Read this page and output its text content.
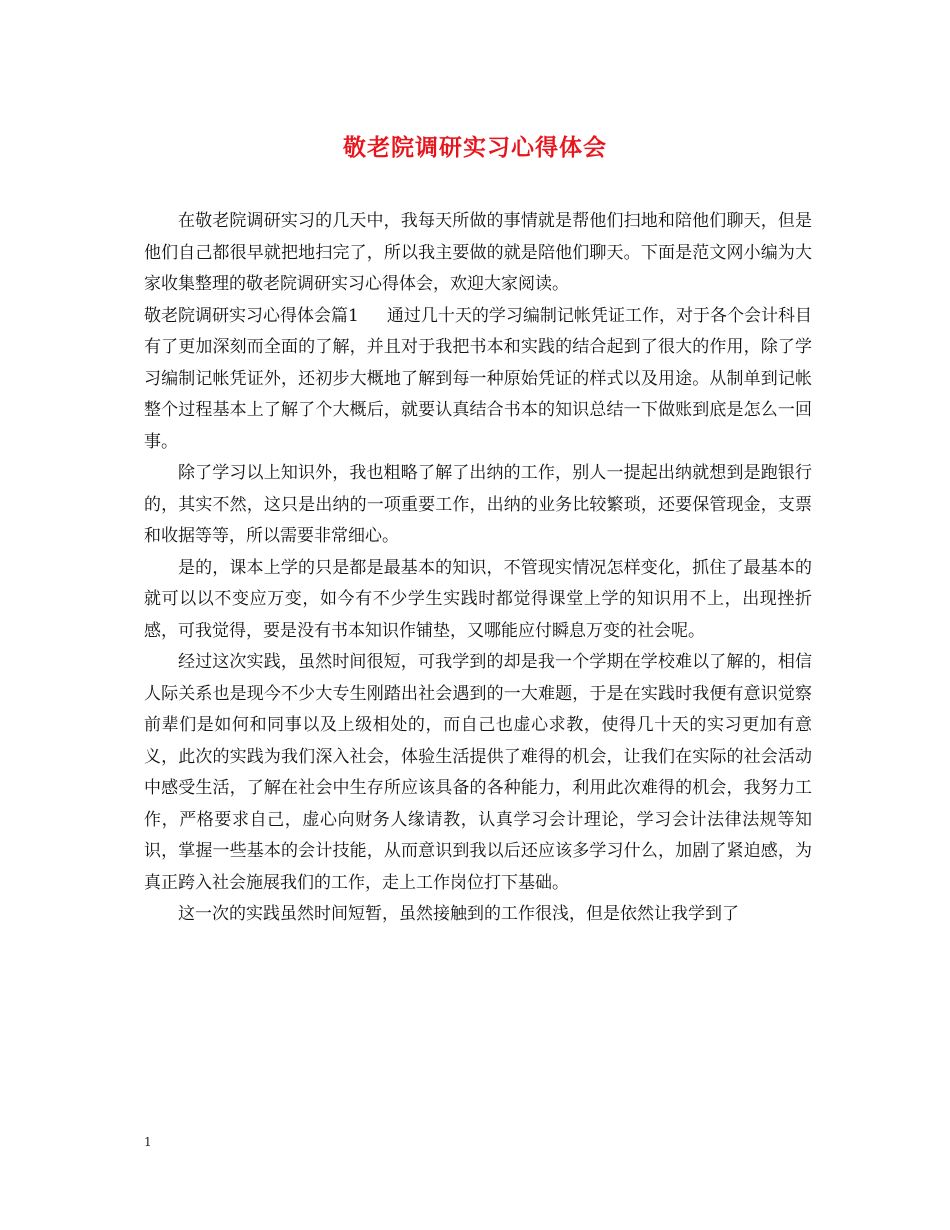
敬老院调研实习心得体会

在敬老院调研实习的几天中，我每天所做的事情就是帮他们扫地和陪他们聊天，但是他们自己都很早就把地扫完了，所以我主要做的就是陪他们聊天。下面是范文网小编为大家收集整理的敬老院调研实习心得体会，欢迎大家阅读。

敬老院调研实习心得体会篇1 通过几十天的学习编制记帐凭证工作，对于各个会计科目有了更加深刻而全面的了解，并且对于我把书本和实践的结合起到了很大的作用，除了学习编制记帐凭证外，还初步大概地了解到每一种原始凭证的样式以及用途。从制单到记帐整个过程基本上了解了个大概后，就要认真结合书本的知识总结一下做账到底是怎么一回事。

除了学习以上知识外，我也粗略了解了出纳的工作，别人一提起出纳就想到是跑银行的，其实不然，这只是出纳的一项重要工作，出纳的业务比较繁琐，还要保管现金，支票和收据等等，所以需要非常细心。

是的，课本上学的只是都是最基本的知识，不管现实情况怎样变化，抓住了最基本的就可以以不变应万变，如今有不少学生实践时都觉得课堂上学的知识用不上，出现挫折感，可我觉得，要是没有书本知识作铺垫，又哪能应付瞬息万变的社会呢。

经过这次实践，虽然时间很短，可我学到的却是我一个学期在学校难以了解的，相信人际关系也是现今不少大专生刚踏出社会遇到的一大难题，于是在实践时我便有意识觉察前辈们是如何和同事以及上级相处的，而自己也虚心求教，使得几十天的实习更加有意义，此次的实践为我们深入社会，体验生活提供了难得的机会，让我们在实际的社会活动中感受生活，了解在社会中生存所应该具备的各种能力，利用此次难得的机会，我努力工作，严格要求自己，虚心向财务人缘请教，认真学习会计理论，学习会计法律法规等知识，掌握一些基本的会计技能，从而意识到我以后还应该多学习什么，加剧了紧迫感，为真正跨入社会施展我们的工作，走上工作岗位打下基础。

这一次的实践虽然时间短暂，虽然接触到的工作很浅，但是依然让我学到了

1
